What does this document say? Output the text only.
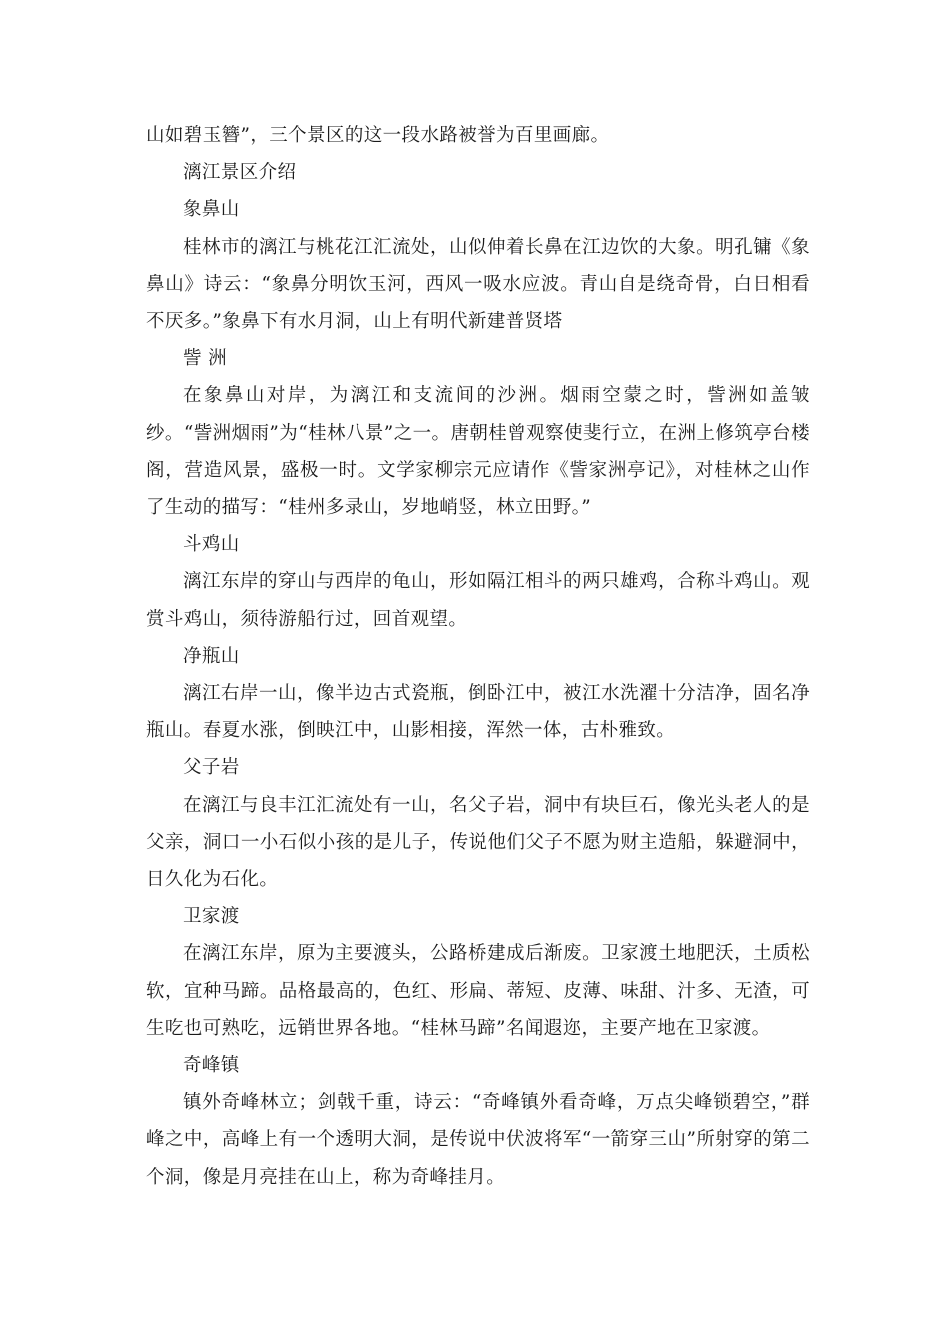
山如碧玉簪”，三个景区的这一段水路被誉为百里画廊。

漓江景区介绍

象鼻山

桂林市的漓江与桃花江汇流处，山似伸着长鼻在江边饮的大象。明孔镛《象鼻山》诗云：“象鼻分明饮玉河，西风一吸水应波。青山自是绕奇骨，白日相看不厌多。”象鼻下有水月洞，山上有明代新建普贤塔

訾 洲

在象鼻山对岸，为漓江和支流间的沙洲。烟雨空蒙之时，訾洲如盖皱纱。“訾洲烟雨”为“桂林八景”之一。唐朝桂曾观察使斐行立，在洲上修筑亭台楼阁，营造风景，盛极一时。文学家柳宗元应请作《訾家洲亭记》，对桂林之山作了生动的描写：“桂州多录山，岁地峭竖，林立田野。”

斗鸡山

漓江东岸的穿山与西岸的龟山，形如隔江相斗的两只雄鸡，合称斗鸡山。观赏斗鸡山，须待游船行过，回首观望。

净瓶山

漓江右岸一山，像半边古式瓷瓶，倒卧江中，被江水洗濯十分洁净，固名净瓶山。春夏水涨，倒映江中，山影相接，浑然一体，古朴雅致。

父子岩

在漓江与良丰江汇流处有一山，名父子岩，洞中有块巨石，像光头老人的是父亲，洞口一小石似小孩的是儿子，传说他们父子不愿为财主造船，躲避洞中，日久化为石化。

卫家渡

在漓江东岸，原为主要渡头，公路桥建成后渐废。卫家渡土地肥沃，土质松软，宜种马蹄。品格最高的，色红、形扁、蒂短、皮薄、味甜、汁多、无渣，可生吃也可熟吃，远销世界各地。“桂林马蹄”名闻遐迩，主要产地在卫家渡。

奇峰镇

镇外奇峰林立；剑戟千重，诗云：“奇峰镇外看奇峰，万点尖峰锁碧空，”群峰之中，高峰上有一个透明大洞，是传说中伏波将军“一箭穿三山”所射穿的第二个洞，像是月亮挂在山上，称为奇峰挂月。
